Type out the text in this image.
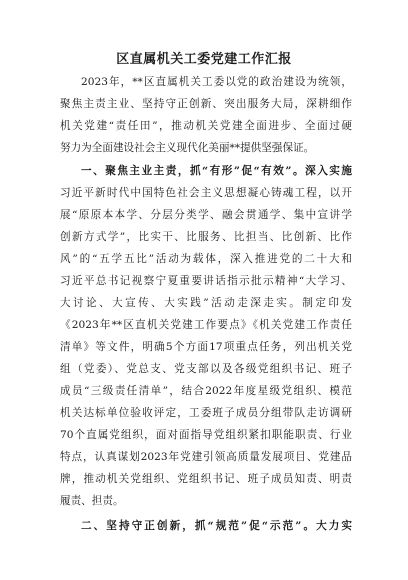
区直属机关工委党建工作汇报
2023年，**区直属机关工委以党的政治建设为统领，
聚焦主责主业、坚持守正创新、突出服务大局，深耕细作
机关党建“责任田”，推动机关党建全面进步、全面过硬
努力为全面建设社会主义现代化美丽**提供坚强保证。
一、聚焦主业主责，抓“有形”促“有效”。深入实施
习近平新时代中国特色社会主义思想凝心铸魂工程，以开
展“原原本本学、分层分类学、融会贯通学、集中宣讲学
创新方式学”，比实干、比服务、比担当、比创新、比作
风”的“五学五比”活动为载体，深入推进党的二十大和
习近平总书记视察宁夏重要讲话指示批示精神“大学习、
大讨论、大宣传、大实践”活动走深走实。制定印发
《2023年**区直机关党建工作要点》《机关党建工作责任
清单》等文件，明确5个方面17项重点任务，列出机关党
组（党委）、党总支、党支部以及各级党组织书记、班子
成员“三级责任清单”，结合2022年度星级党组织、模范
机关达标单位验收评定，工委班子成员分组带队走访调研
70个直属党组织，面对面指导党组织紧扣职能职责、行业
特点，认真谋划2023年党建引领高质量发展项目、党建品
牌，推动机关党组织、党组织书记、班子成员知责、明责
履责、担责。
二、坚持守正创新，抓“规范”促“示范”。大力实
